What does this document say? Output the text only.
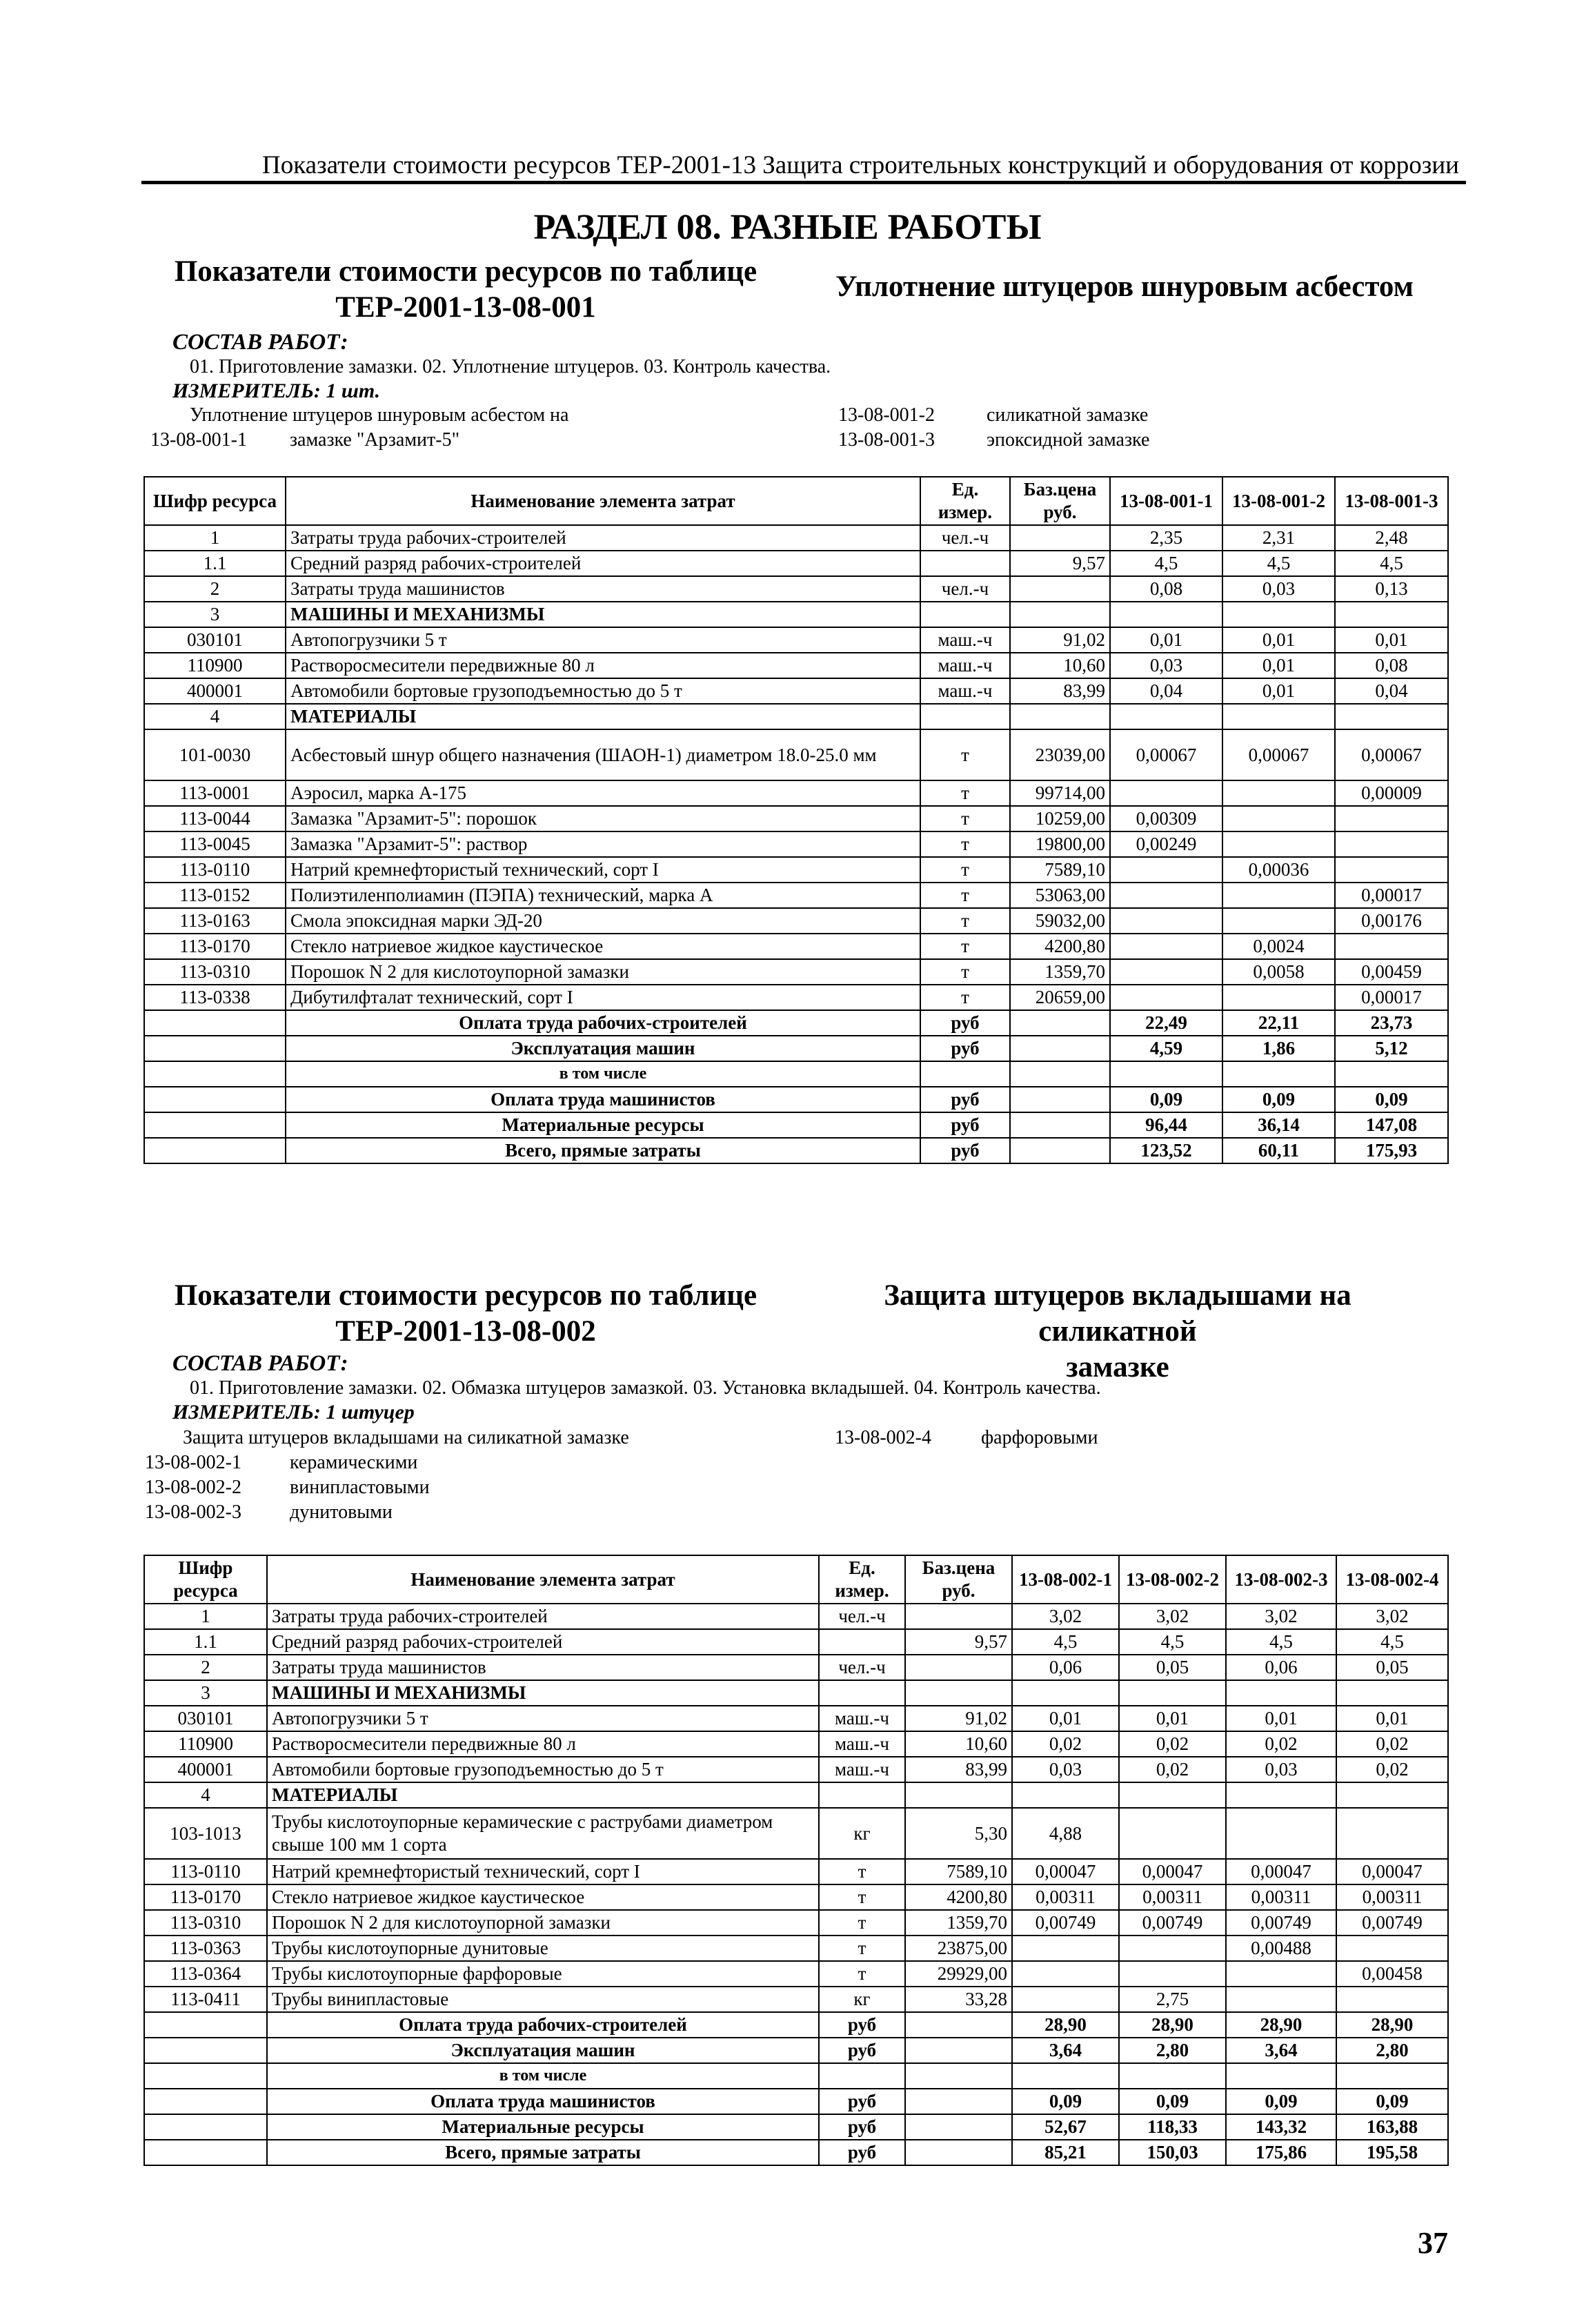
Показатели стоимости ресурсов ТЕР-2001-13 Защита строительных конструкций и оборудования от коррозии
РАЗДЕЛ 08. РАЗНЫЕ РАБОТЫ
Показатели стоимости ресурсов по таблице
ТЕР-2001-13-08-001
Уплотнение штуцеров шнуровым асбестом
СОСТАВ РАБОТ:
01. Приготовление замазки. 02. Уплотнение штуцеров. 03. Контроль качества.
ИЗМЕРИТЕЛЬ: 1 шт.
Уплотнение штуцеров шнуровым асбестом на
13-08-001-1 замазке "Арзамит-5"
13-08-001-2	силикатной замазке
13-08-001-3	эпоксидной замазке
Шифр ресурса	Наименование элемента затрат	Ед. измер.	Баз.цена руб.	13-08-001-1	13-08-001-2	13-08-001-3
1	Затраты труда рабочих-строителей	чел.-ч		2,35	2,31	2,48
1.1	Средний разряд рабочих-строителей		9,57	4,5	4,5	4,5
2	Затраты труда машинистов	чел.-ч		0,08	0,03	0,13
3	МАШИНЫ И МЕХАНИЗМЫ					
030101	Автопогрузчики 5 т	маш.-ч	91,02	0,01	0,01	0,01
110900	Растворосмесители передвижные 80 л	маш.-ч	10,60	0,03	0,01	0,08
400001	Автомобили бортовые грузоподъемностью до 5 т	маш.-ч	83,99	0,04	0,01	0,04
4	МАТЕРИАЛЫ					
101-0030	Асбестовый шнур общего назначения (ШАОН-1) диаметром 18.0-25.0 мм	т	23039,00	0,00067	0,00067	0,00067
113-0001	Аэросил, марка А-175	т	99714,00			0,00009
113-0044	Замазка "Арзамит-5": порошок	т	10259,00	0,00309		
113-0045	Замазка "Арзамит-5": раствор	т	19800,00	0,00249		
113-0110	Натрий кремнефтористый технический, сорт I	т	7589,10		0,00036	
113-0152	Полиэтиленполиамин (ПЭПА) технический, марка А	т	53063,00			0,00017
113-0163	Смола эпоксидная марки ЭД-20	т	59032,00			0,00176
113-0170	Стекло натриевое жидкое каустическое	т	4200,80		0,0024	
113-0310	Порошок N 2 для кислотоупорной замазки	т	1359,70		0,0058	0,00459
113-0338	Дибутилфталат технический, сорт I	т	20659,00			0,00017
	Оплата труда рабочих-строителей	руб		22,49	22,11	23,73
	Эксплуатация машин	руб		4,59	1,86	5,12
	в том числе					
	Оплата труда машинистов	руб		0,09	0,09	0,09
	Материальные ресурсы	руб		96,44	36,14	147,08
	Всего, прямые затраты	руб		123,52	60,11	175,93
Показатели стоимости ресурсов по таблице
ТЕР-2001-13-08-002
Защита штуцеров вкладышами на силикатной
замазке
СОСТАВ РАБОТ:
01. Приготовление замазки. 02. Обмазка штуцеров замазкой. 03. Установка вкладышей. 04. Контроль качества.
ИЗМЕРИТЕЛЬ: 1 штуцер
Защита штуцеров вкладышами на силикатной замазке	13-08-002-4	фарфоровыми
13-08-002-1	керамическими
13-08-002-2	винипластовыми
13-08-002-3	дунитовыми
Шифр ресурса	Наименование элемента затрат	Ед. измер.	Баз.цена руб.	13-08-002-1	13-08-002-2	13-08-002-3	13-08-002-4
1	Затраты труда рабочих-строителей	чел.-ч		3,02	3,02	3,02	3,02
1.1	Средний разряд рабочих-строителей		9,57	4,5	4,5	4,5	4,5
2	Затраты труда машинистов	чел.-ч		0,06	0,05	0,06	0,05
3	МАШИНЫ И МЕХАНИЗМЫ						
030101	Автопогрузчики 5 т	маш.-ч	91,02	0,01	0,01	0,01	0,01
110900	Растворосмесители передвижные 80 л	маш.-ч	10,60	0,02	0,02	0,02	0,02
400001	Автомобили бортовые грузоподъемностью до 5 т	маш.-ч	83,99	0,03	0,02	0,03	0,02
4	МАТЕРИАЛЫ						
103-1013	Трубы кислотоупорные керамические с раструбами диаметром свыше 100 мм 1 сорта	кг	5,30	4,88			
113-0110	Натрий кремнефтористый технический, сорт I	т	7589,10	0,00047	0,00047	0,00047	0,00047
113-0170	Стекло натриевое жидкое каустическое	т	4200,80	0,00311	0,00311	0,00311	0,00311
113-0310	Порошок N 2 для кислотоупорной замазки	т	1359,70	0,00749	0,00749	0,00749	0,00749
113-0363	Трубы кислотоупорные дунитовые	т	23875,00			0,00488	
113-0364	Трубы кислотоупорные фарфоровые	т	29929,00				0,00458
113-0411	Трубы винипластовые	кг	33,28		2,75		
	Оплата труда рабочих-строителей	руб		28,90	28,90	28,90	28,90
	Эксплуатация машин	руб		3,64	2,80	3,64	2,80
	в том числе						
	Оплата труда машинистов	руб		0,09	0,09	0,09	0,09
	Материальные ресурсы	руб		52,67	118,33	143,32	163,88
	Всего, прямые затраты	руб		85,21	150,03	175,86	195,58
37
